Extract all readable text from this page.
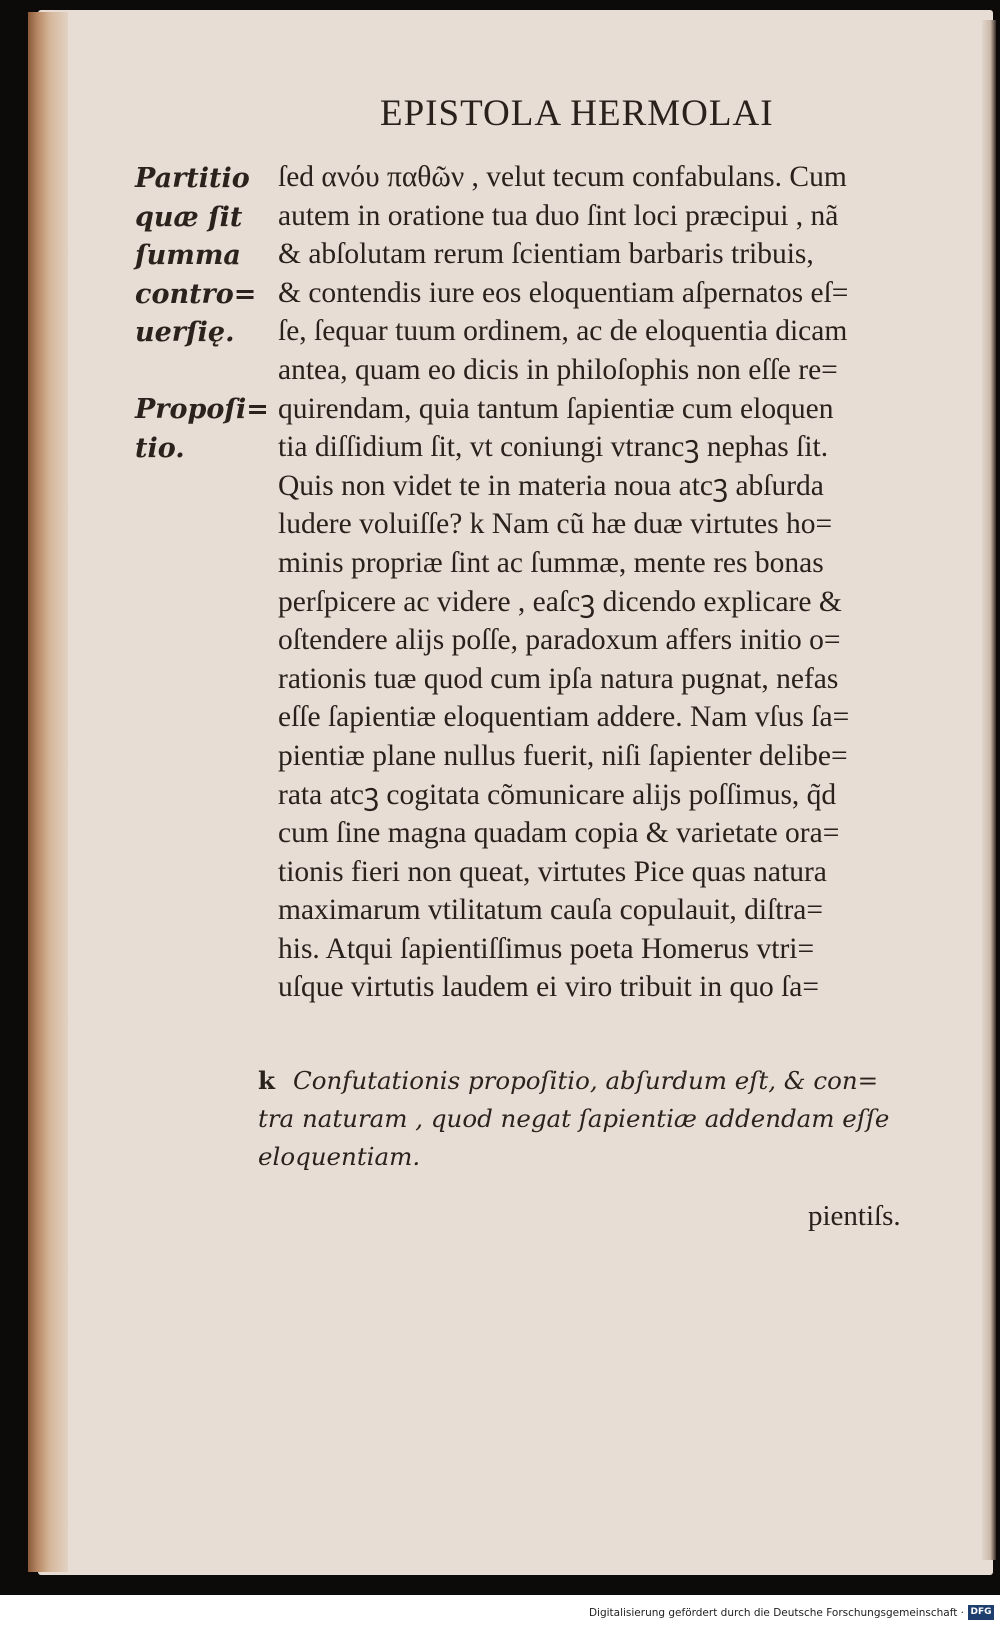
EPISTOLA HERMOLAI
Partitio
quæ ſit
ſumma
contro=
uerſię.

Propoſi=
tio.
ſed ανόυ παθῶν , velut tecum confabulans. Cum
autem in oratione tua duo ſint loci præcipui , nã
& abſolutam rerum ſcientiam barbaris tribuis,
& contendis iure eos eloquentiam aſpernatos eſ=
ſe, ſequar tuum ordinem, ac de eloquentia dicam
antea, quam eo dicis in philoſophis non eſſe re=
quirendam, quia tantum ſapientiæ cum eloquen
tia diſſidium ſit, vt coniungi vtrancꝫ nephas ſit.
Quis non videt te in materia noua atcꝫ abſurda
ludere voluiſſe? k Nam cũ hæ duæ virtutes ho=
minis propriæ ſint ac ſummæ, mente res bonas
perſpicere ac videre , eaſcꝫ dicendo explicare &
oſtendere alijs poſſe, paradoxum affers initio o=
rationis tuæ quod cum ipſa natura pugnat, nefas
eſſe ſapientiæ eloquentiam addere. Nam vſus ſa=
pientiæ plane nullus fuerit, niſi ſapienter delibe=
rata atcꝫ cogitata cõmunicare alijs poſſimus, q̃d
cum ſine magna quadam copia & varietate ora=
tionis fieri non queat, virtutes Pice quas natura
maximarum vtilitatum cauſa copulauit, diſtra=
his. Atqui ſapientiſſimus poeta Homerus vtri=
uſque virtutis laudem ei viro tribuit in quo ſa=
k Confutationis propoſitio, abſurdum eſt, & con=
tra naturam , quod negat ſapientiæ addendam eſſe
eloquentiam.
pientiſs.
Digitalisierung gefördert durch die Deutsche Forschungsgemeinschaft · DFG
